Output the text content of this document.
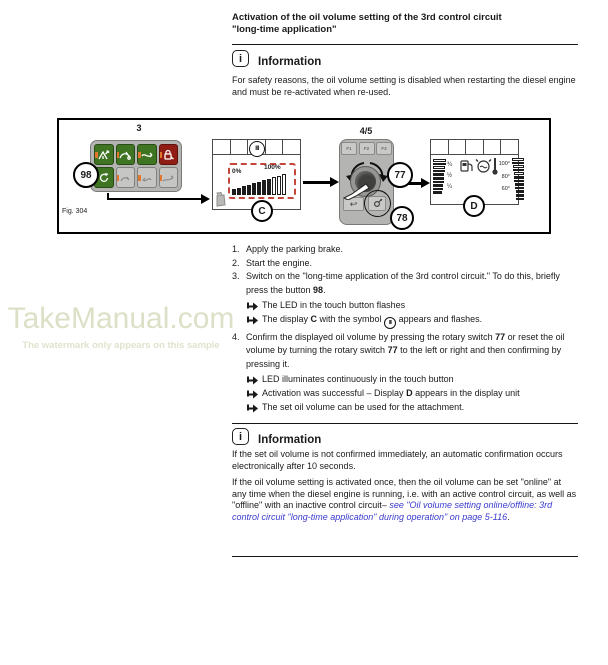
TakeManual.com
The watermark only appears on this sample
Activation of the oil volume setting of the 3rd control circuit
"long-time application"
i Information
For safety reasons, the oil volume setting is disabled when restarting the diesel engine and must be re-activated when re-used.
3
98
III
0%
100%
C
4/5
F1	F2	F3
77
↩
78
¾
½
¼
100°
80°
60°
D
Fig. 304
1. Apply the parking brake.
2. Start the engine.
3. Switch on the "long-time application of the 3rd control circuit." To do this, briefly press the button 98.
The LED in the touch button flashes
The display C with the symbol III appears and flashes.
4. Confirm the displayed oil volume by pressing the rotary switch 77 or reset the oil volume by turning the rotary switch 77 to the left or right and then confirming by pressing it.
LED illuminates continuously in the touch button
Activation was successful – Display D appears in the display unit
The set oil volume can be used for the attachment.
i Information
If the set oil volume is not confirmed immediately, an automatic confirmation occurs electronically after 10 seconds.
If the oil volume setting is activated once, then the oil volume can be set "online" at any time when the diesel engine is running, i.e. with an active control circuit, as well as "offline" with an inactive control circuit– see "Oil volume setting online/offline: 3rd control circuit "long-time application" during operation" on page 5-116.
